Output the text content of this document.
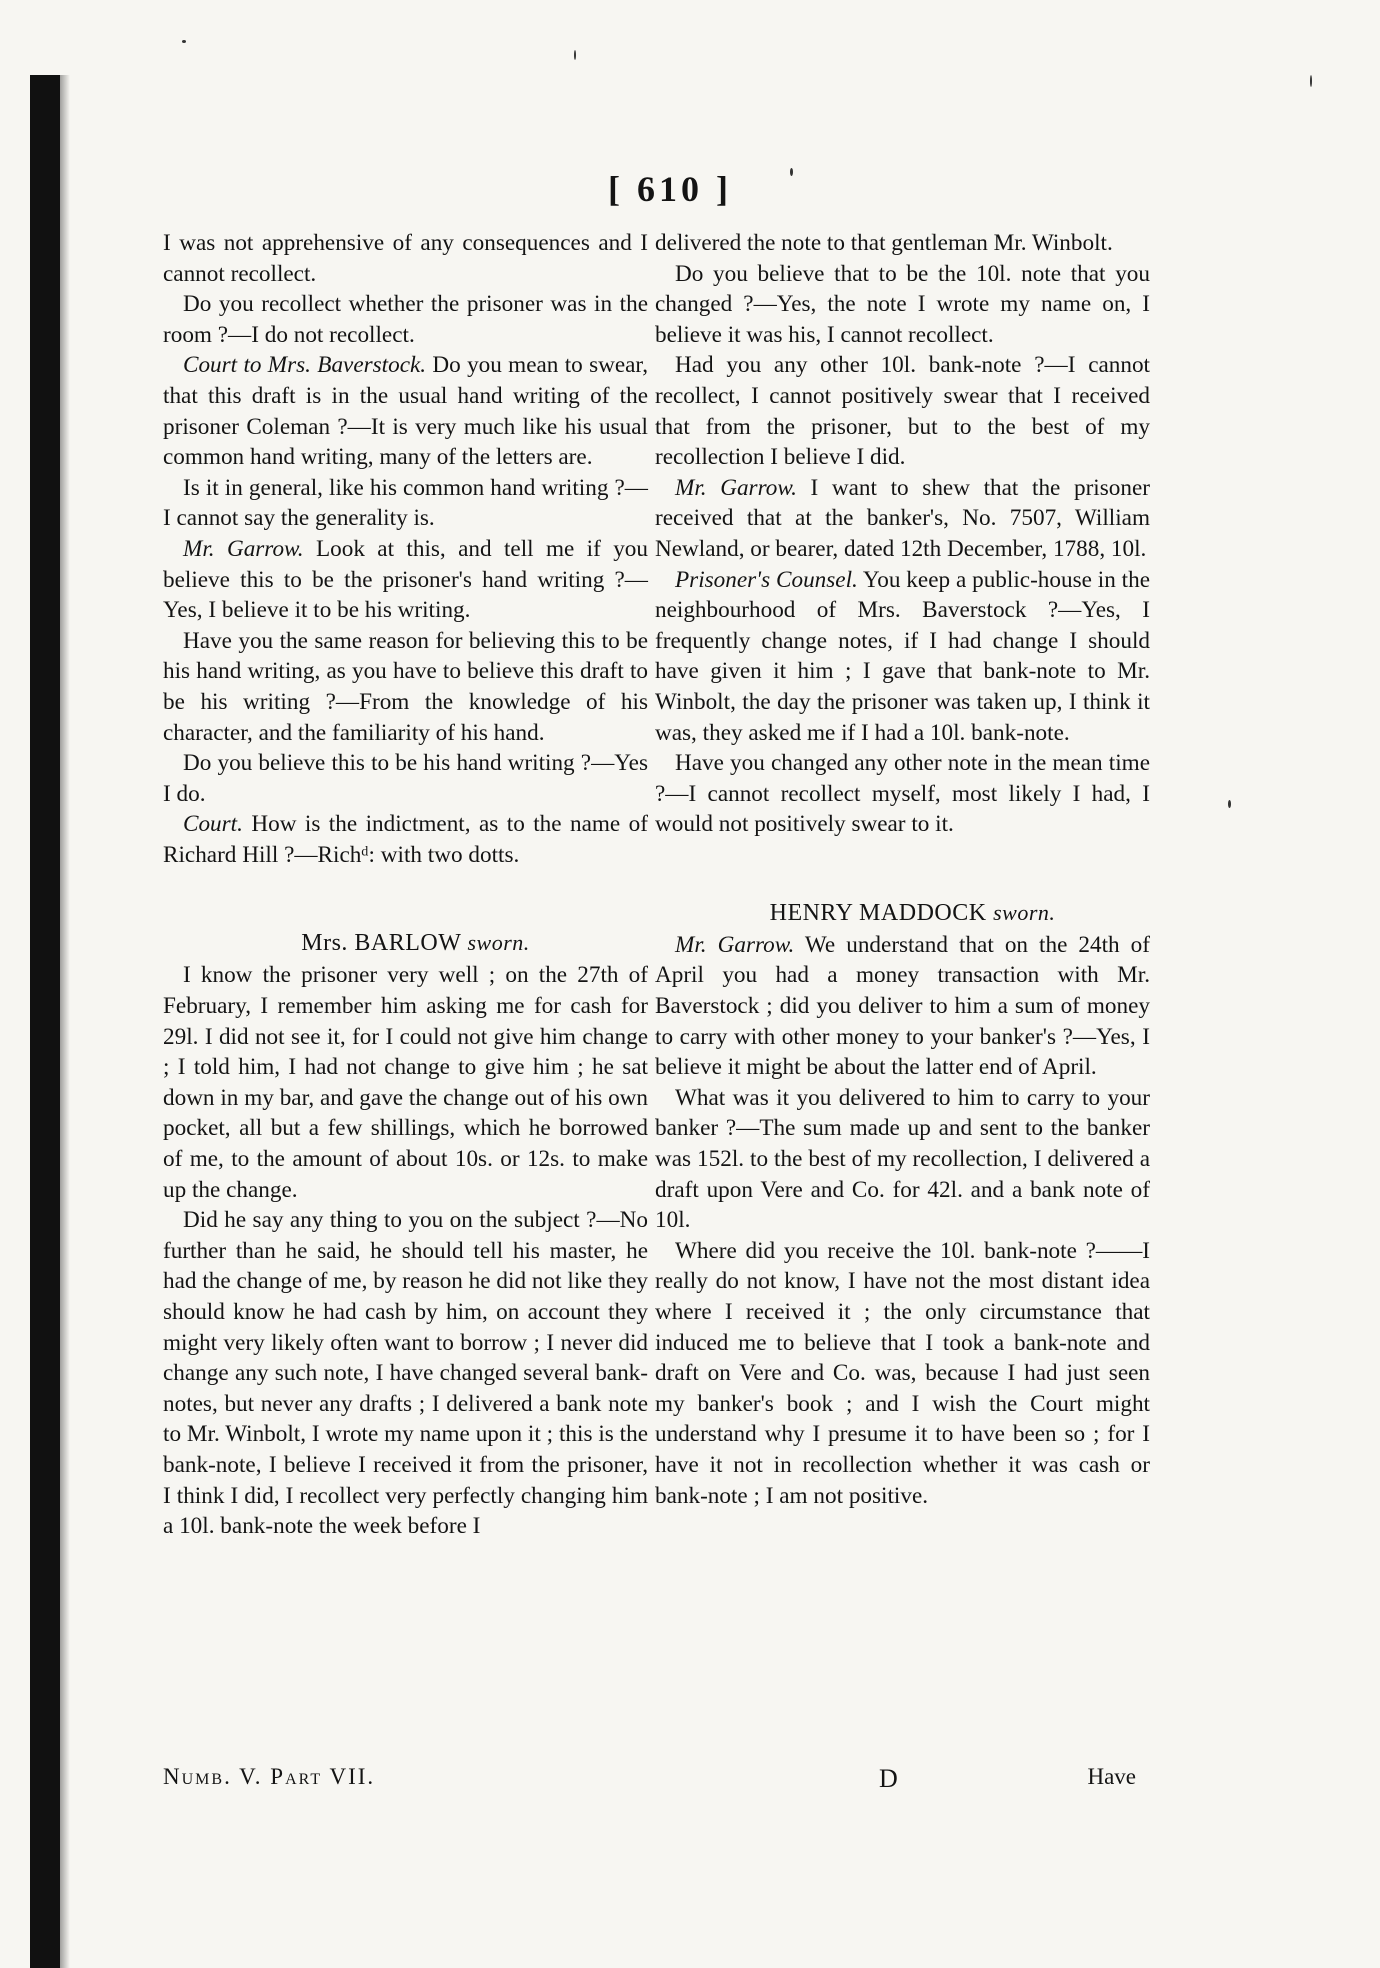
[ 610 ]

I was not apprehensive of any consequences and I cannot recollect.

Do you recollect whether the prisoner was in the room ?—I do not recollect.

Court to Mrs. Baverstock. Do you mean to swear, that this draft is in the usual hand writing of the prisoner Coleman ?—It is very much like his usual common hand writing, many of the letters are.

Is it in general, like his common hand writing ?—I cannot say the generality is.

Mr. Garrow. Look at this, and tell me if you believe this to be the prisoner's hand writing ?—Yes, I believe it to be his writing.

Have you the same reason for believing this to be his hand writing, as you have to believe this draft to be his writing ?—From the knowledge of his character, and the familiarity of his hand.

Do you believe this to be his hand writing ?—Yes I do.

Court. How is the indictment, as to the name of Richard Hill ?—Richᵈ: with two dotts.

Mrs. BARLOW sworn.

I know the prisoner very well ; on the 27th of February, I remember him asking me for cash for 29l. I did not see it, for I could not give him change ; I told him, I had not change to give him ; he sat down in my bar, and gave the change out of his own pocket, all but a few shillings, which he borrowed of me, to the amount of about 10s. or 12s. to make up the change.

Did he say any thing to you on the subject ?—No further than he said, he should tell his master, he had the change of me, by reason he did not like they should know he had cash by him, on account they might very likely often want to borrow ; I never did change any such note, I have changed several bank-notes, but never any drafts ; I delivered a bank note to Mr. Winbolt, I wrote my name upon it ; this is the bank-note, I believe I received it from the prisoner, I think I did, I recollect very perfectly changing him a 10l. bank-note the week before I

delivered the note to that gentleman Mr. Winbolt.

Do you believe that to be the 10l. note that you changed ?—Yes, the note I wrote my name on, I believe it was his, I cannot recollect.

Had you any other 10l. bank-note ?—I cannot recollect, I cannot positively swear that I received that from the prisoner, but to the best of my recollection I believe I did.

Mr. Garrow. I want to shew that the prisoner received that at the banker's, No. 7507, William Newland, or bearer, dated 12th December, 1788, 10l.

Prisoner's Counsel. You keep a public-house in the neighbourhood of Mrs. Baverstock ?—Yes, I frequently change notes, if I had change I should have given it him ; I gave that bank-note to Mr. Winbolt, the day the prisoner was taken up, I think it was, they asked me if I had a 10l. bank-note.

Have you changed any other note in the mean time ?—I cannot recollect myself, most likely I had, I would not positively swear to it.

HENRY MADDOCK sworn.

Mr. Garrow. We understand that on the 24th of April you had a money transaction with Mr. Baverstock ; did you deliver to him a sum of money to carry with other money to your banker's ?—Yes, I believe it might be about the latter end of April.

What was it you delivered to him to carry to your banker ?—The sum made up and sent to the banker was 152l. to the best of my recollection, I delivered a draft upon Vere and Co. for 42l. and a bank note of 10l.

Where did you receive the 10l. bank-note ?——I really do not know, I have not the most distant idea where I received it ; the only circumstance that induced me to believe that I took a bank-note and draft on Vere and Co. was, because I had just seen my banker's book ; and I wish the Court might understand why I presume it to have been so ; for I have it not in recollection whether it was cash or bank-note ; I am not positive.

Numb. V. Part VII.	D	Have
